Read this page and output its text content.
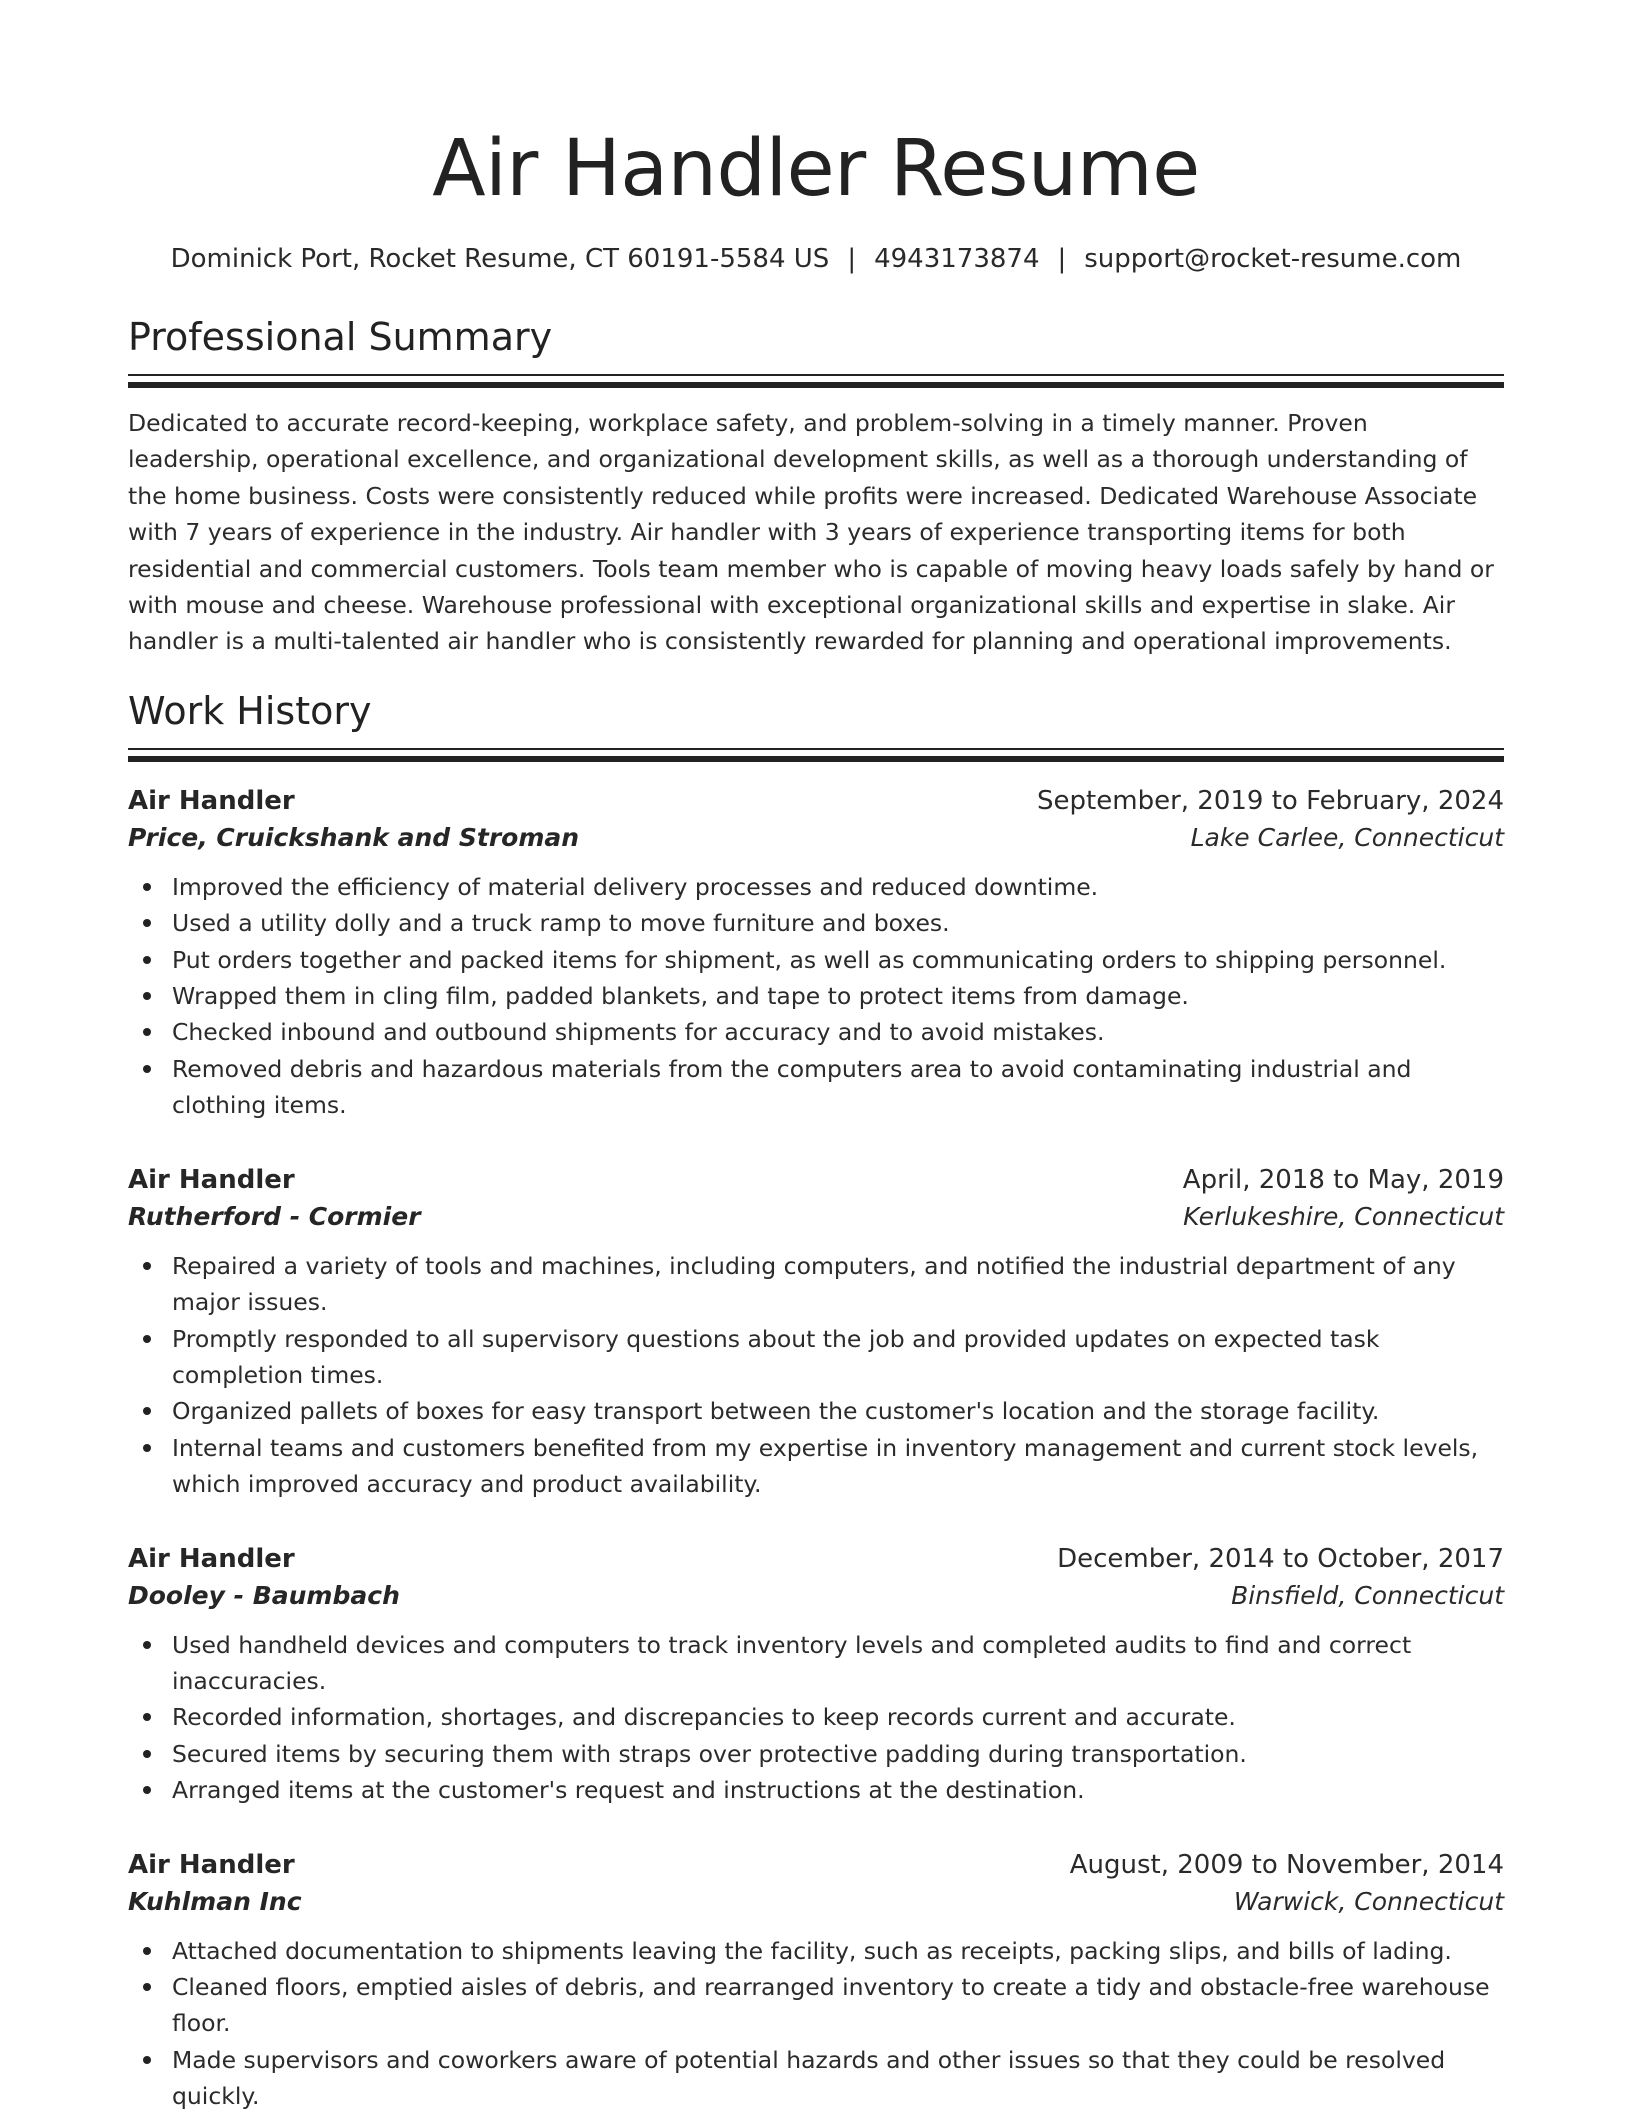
Air Handler Resume
Dominick Port, Rocket Resume, CT 60191-5584 US | 4943173874 | support@rocket-resume.com
Professional Summary

Dedicated to accurate record-keeping, workplace safety, and problem-solving in a timely manner. Proven leadership, operational excellence, and organizational development skills, as well as a thorough understanding of the home business. Costs were consistently reduced while profits were increased. Dedicated Warehouse Associate with 7 years of experience in the industry. Air handler with 3 years of experience transporting items for both residential and commercial customers. Tools team member who is capable of moving heavy loads safely by hand or with mouse and cheese. Warehouse professional with exceptional organizational skills and expertise in slake. Air handler is a multi-talented air handler who is consistently rewarded for planning and operational improvements.

Work History
Air Handler	September, 2019 to February, 2024
Price, Cruickshank and Stroman	Lake Carlee, Connecticut
Improved the efficiency of material delivery processes and reduced downtime.
Used a utility dolly and a truck ramp to move furniture and boxes.
Put orders together and packed items for shipment, as well as communicating orders to shipping personnel.
Wrapped them in cling film, padded blankets, and tape to protect items from damage.
Checked inbound and outbound shipments for accuracy and to avoid mistakes.
Removed debris and hazardous materials from the computers area to avoid contaminating industrial and clothing items.
Air Handler	April, 2018 to May, 2019
Rutherford - Cormier	Kerlukeshire, Connecticut
Repaired a variety of tools and machines, including computers, and notified the industrial department of any major issues.
Promptly responded to all supervisory questions about the job and provided updates on expected task completion times.
Organized pallets of boxes for easy transport between the customer's location and the storage facility.
Internal teams and customers benefited from my expertise in inventory management and current stock levels, which improved accuracy and product availability.
Air Handler	December, 2014 to October, 2017
Dooley - Baumbach	Binsfield, Connecticut
Used handheld devices and computers to track inventory levels and completed audits to find and correct inaccuracies.
Recorded information, shortages, and discrepancies to keep records current and accurate.
Secured items by securing them with straps over protective padding during transportation.
Arranged items at the customer's request and instructions at the destination.
Air Handler	August, 2009 to November, 2014
Kuhlman Inc	Warwick, Connecticut
Attached documentation to shipments leaving the facility, such as receipts, packing slips, and bills of lading.
Cleaned floors, emptied aisles of debris, and rearranged inventory to create a tidy and obstacle-free warehouse floor.
Made supervisors and coworkers aware of potential hazards and other issues so that they could be resolved quickly.
